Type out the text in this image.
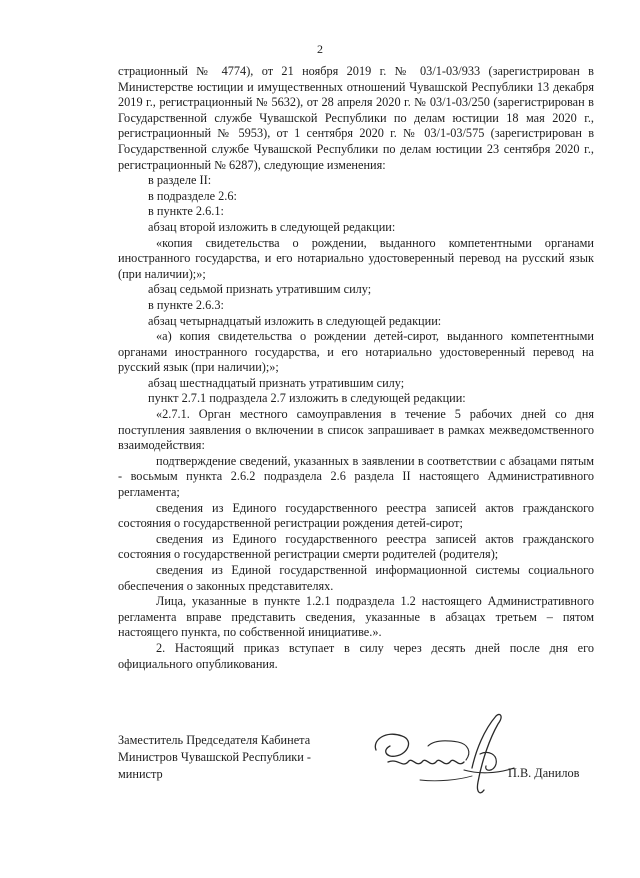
2

страционный № 4774), от 21 ноября 2019 г. № 03/1-03/933 (зарегистрирован в Министерстве юстиции и имущественных отношений Чувашской Республики 13 декабря 2019 г., регистрационный № 5632), от 28 апреля 2020 г. № 03/1-03/250 (зарегистрирован в Государственной службе Чувашской Республики по делам юстиции 18 мая 2020 г., регистрационный № 5953), от 1 сентября 2020 г. № 03/1-03/575 (зарегистрирован в Государственной службе Чувашской Республики по делам юстиции 23 сентября 2020 г., регистрационный № 6287), следующие изменения:

в разделе II:

в подразделе 2.6:

в пункте 2.6.1:

абзац второй изложить в следующей редакции:

«копия свидетельства о рождении, выданного компетентными органами иностранного государства, и его нотариально удостоверенный перевод на русский язык (при наличии);»;

абзац седьмой признать утратившим силу;

в пункте 2.6.3:

абзац четырнадцатый изложить в следующей редакции:

«а) копия свидетельства о рождении детей-сирот, выданного компетентными органами иностранного государства, и его нотариально удостоверенный перевод на русский язык (при наличии);»;

абзац шестнадцатый признать утратившим силу;

пункт 2.7.1 подраздела 2.7 изложить в следующей редакции:

«2.7.1. Орган местного самоуправления в течение 5 рабочих дней со дня поступления заявления о включении в список запрашивает в рамках межведомственного взаимодействия:

подтверждение сведений, указанных в заявлении в соответствии с абзацами пятым - восьмым пункта 2.6.2 подраздела 2.6 раздела II настоящего Административного регламента;

сведения из Единого государственного реестра записей актов гражданского состояния о государственной регистрации рождения детей-сирот;

сведения из Единого государственного реестра записей актов гражданского состояния о государственной регистрации смерти родителей (родителя);

сведения из Единой государственной информационной системы социального обеспечения о законных представителях.

Лица, указанные в пункте 1.2.1 подраздела 1.2 настоящего Административного регламента вправе представить сведения, указанные в абзацах третьем – пятом настоящего пункта, по собственной инициативе.».

2. Настоящий приказ вступает в силу через десять дней после дня его официального опубликования.

Заместитель Председателя Кабинета
Министров Чувашской Республики -
министр	П.В. Данилов
